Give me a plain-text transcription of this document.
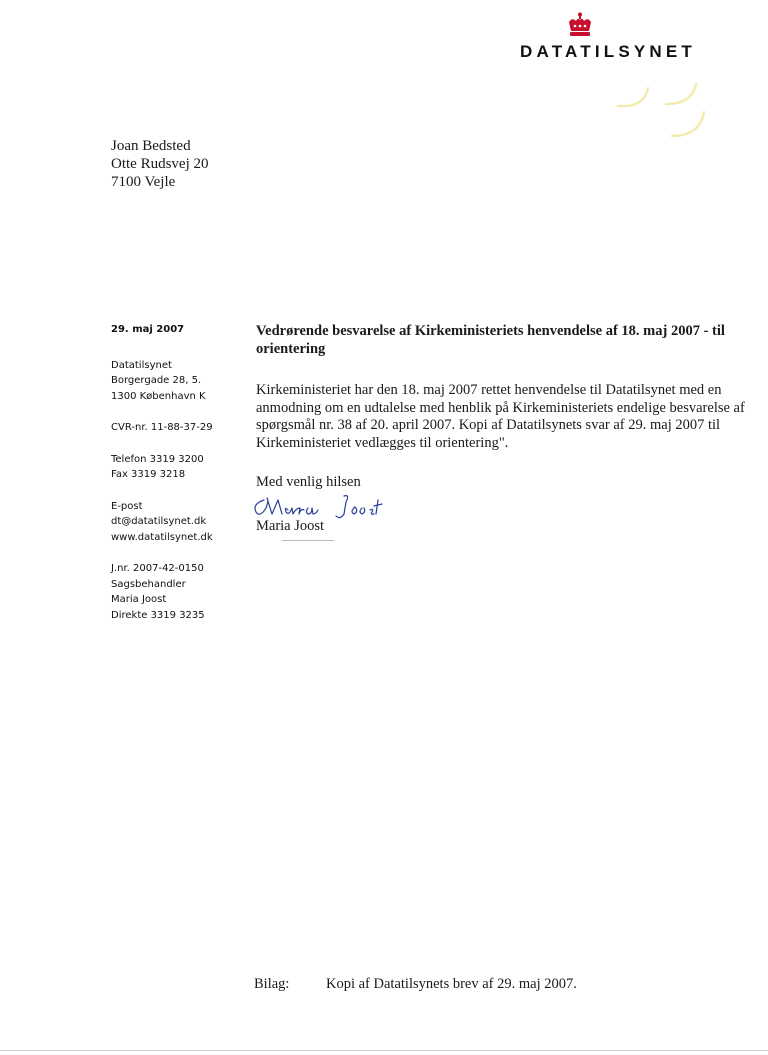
DATATILSYNET
Joan Bedsted
Otte Rudsvej 20
7100 Vejle
29. maj 2007
Datatilsynet
Borgergade 28, 5.
1300 København K
CVR-nr. 11-88-37-29
Telefon 3319 3200
Fax 3319 3218
E-post
dt@datatilsynet.dk
www.datatilsynet.dk
J.nr. 2007-42-0150
Sagsbehandler
Maria Joost
Direkte 3319 3235

Vedrørende besvarelse af Kirkeministeriets henvendelse af 18. maj 2007 - til orientering

Kirkeministeriet har den 18. maj 2007 rettet henvendelse til Datatilsynet med en anmodning om en udtalelse med henblik på Kirkeministeriets endelige besvarelse af spørgsmål nr. 38 af 20. april 2007. Kopi af Datatilsynets svar af 29. maj 2007 til Kirkeministeriet vedlægges til orientering".

Med venlig hilsen
Maria Joost
Bilag:	Kopi af Datatilsynets brev af 29. maj 2007.
